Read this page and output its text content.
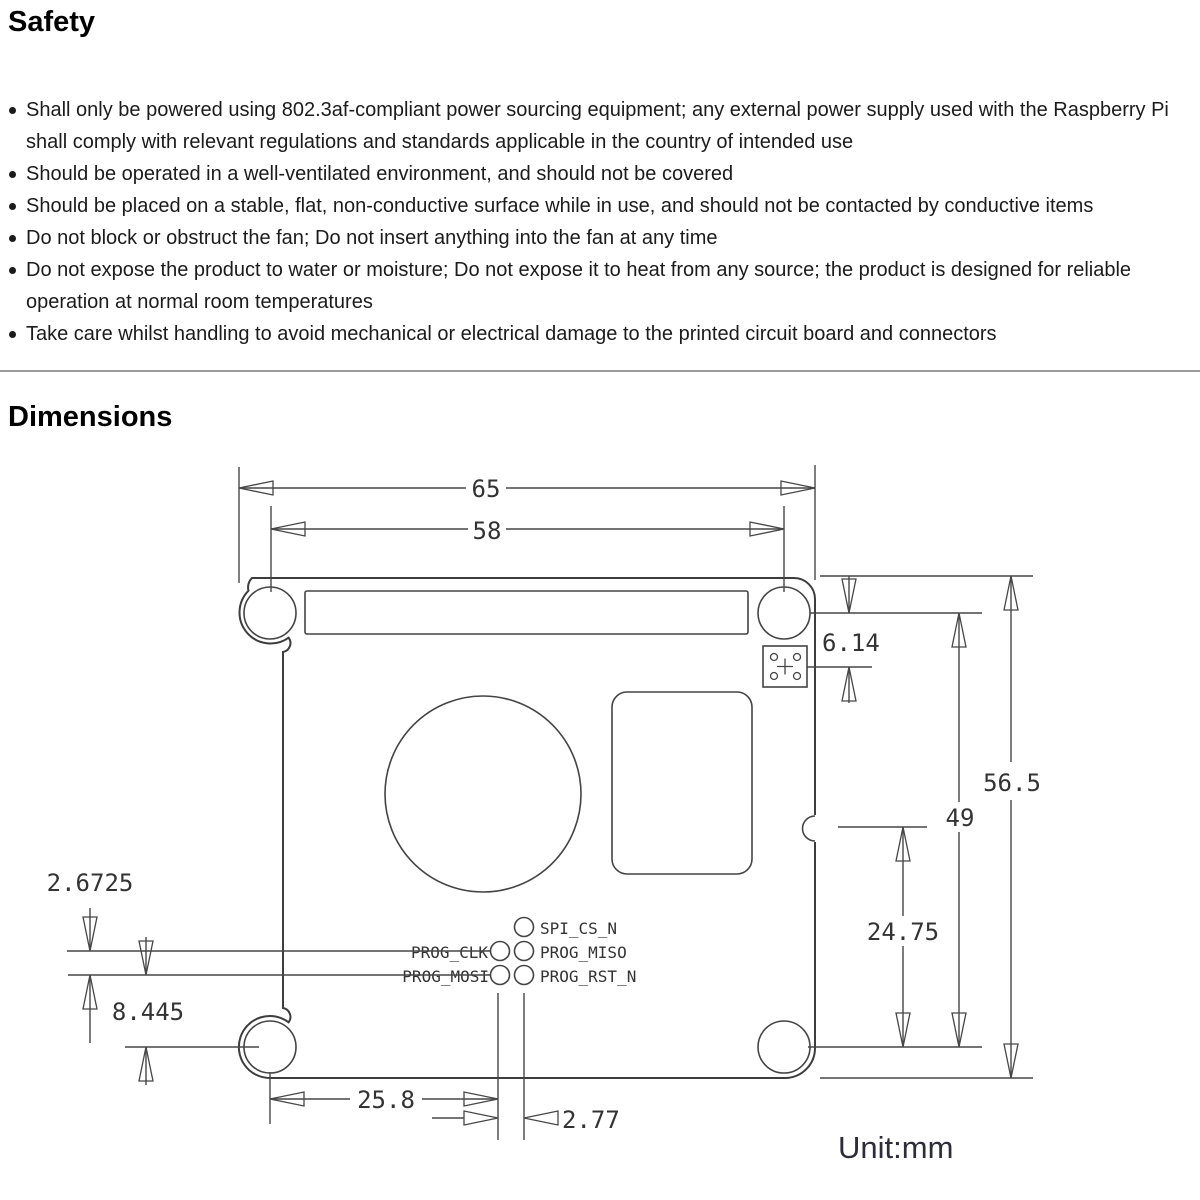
Safety
Shall only be powered using 802.3af-compliant power sourcing equipment; any external power supply used with the Raspberry Pi
shall comply with relevant regulations and standards applicable in the country of intended use
Should be operated in a well-ventilated environment, and should not be covered
Should be placed on a stable, flat, non-conductive surface while in use, and should not be contacted by conductive items
Do not block or obstruct the fan; Do not insert anything into the fan at any time
Do not expose the product to water or moisture; Do not expose it to heat from any source; the product is designed for reliable
operation at normal room temperatures
Take care whilst handling to avoid mechanical or electrical damage to the printed circuit board and connectors
Dimensions
SPI_CS_N
PROG_MISO
PROG_RST_N
PROG_CLK
PROG_MOSI
65
58
6.14
56.5
49
24.75
2.6725
8.445
25.8
2.77
Unit:mm
